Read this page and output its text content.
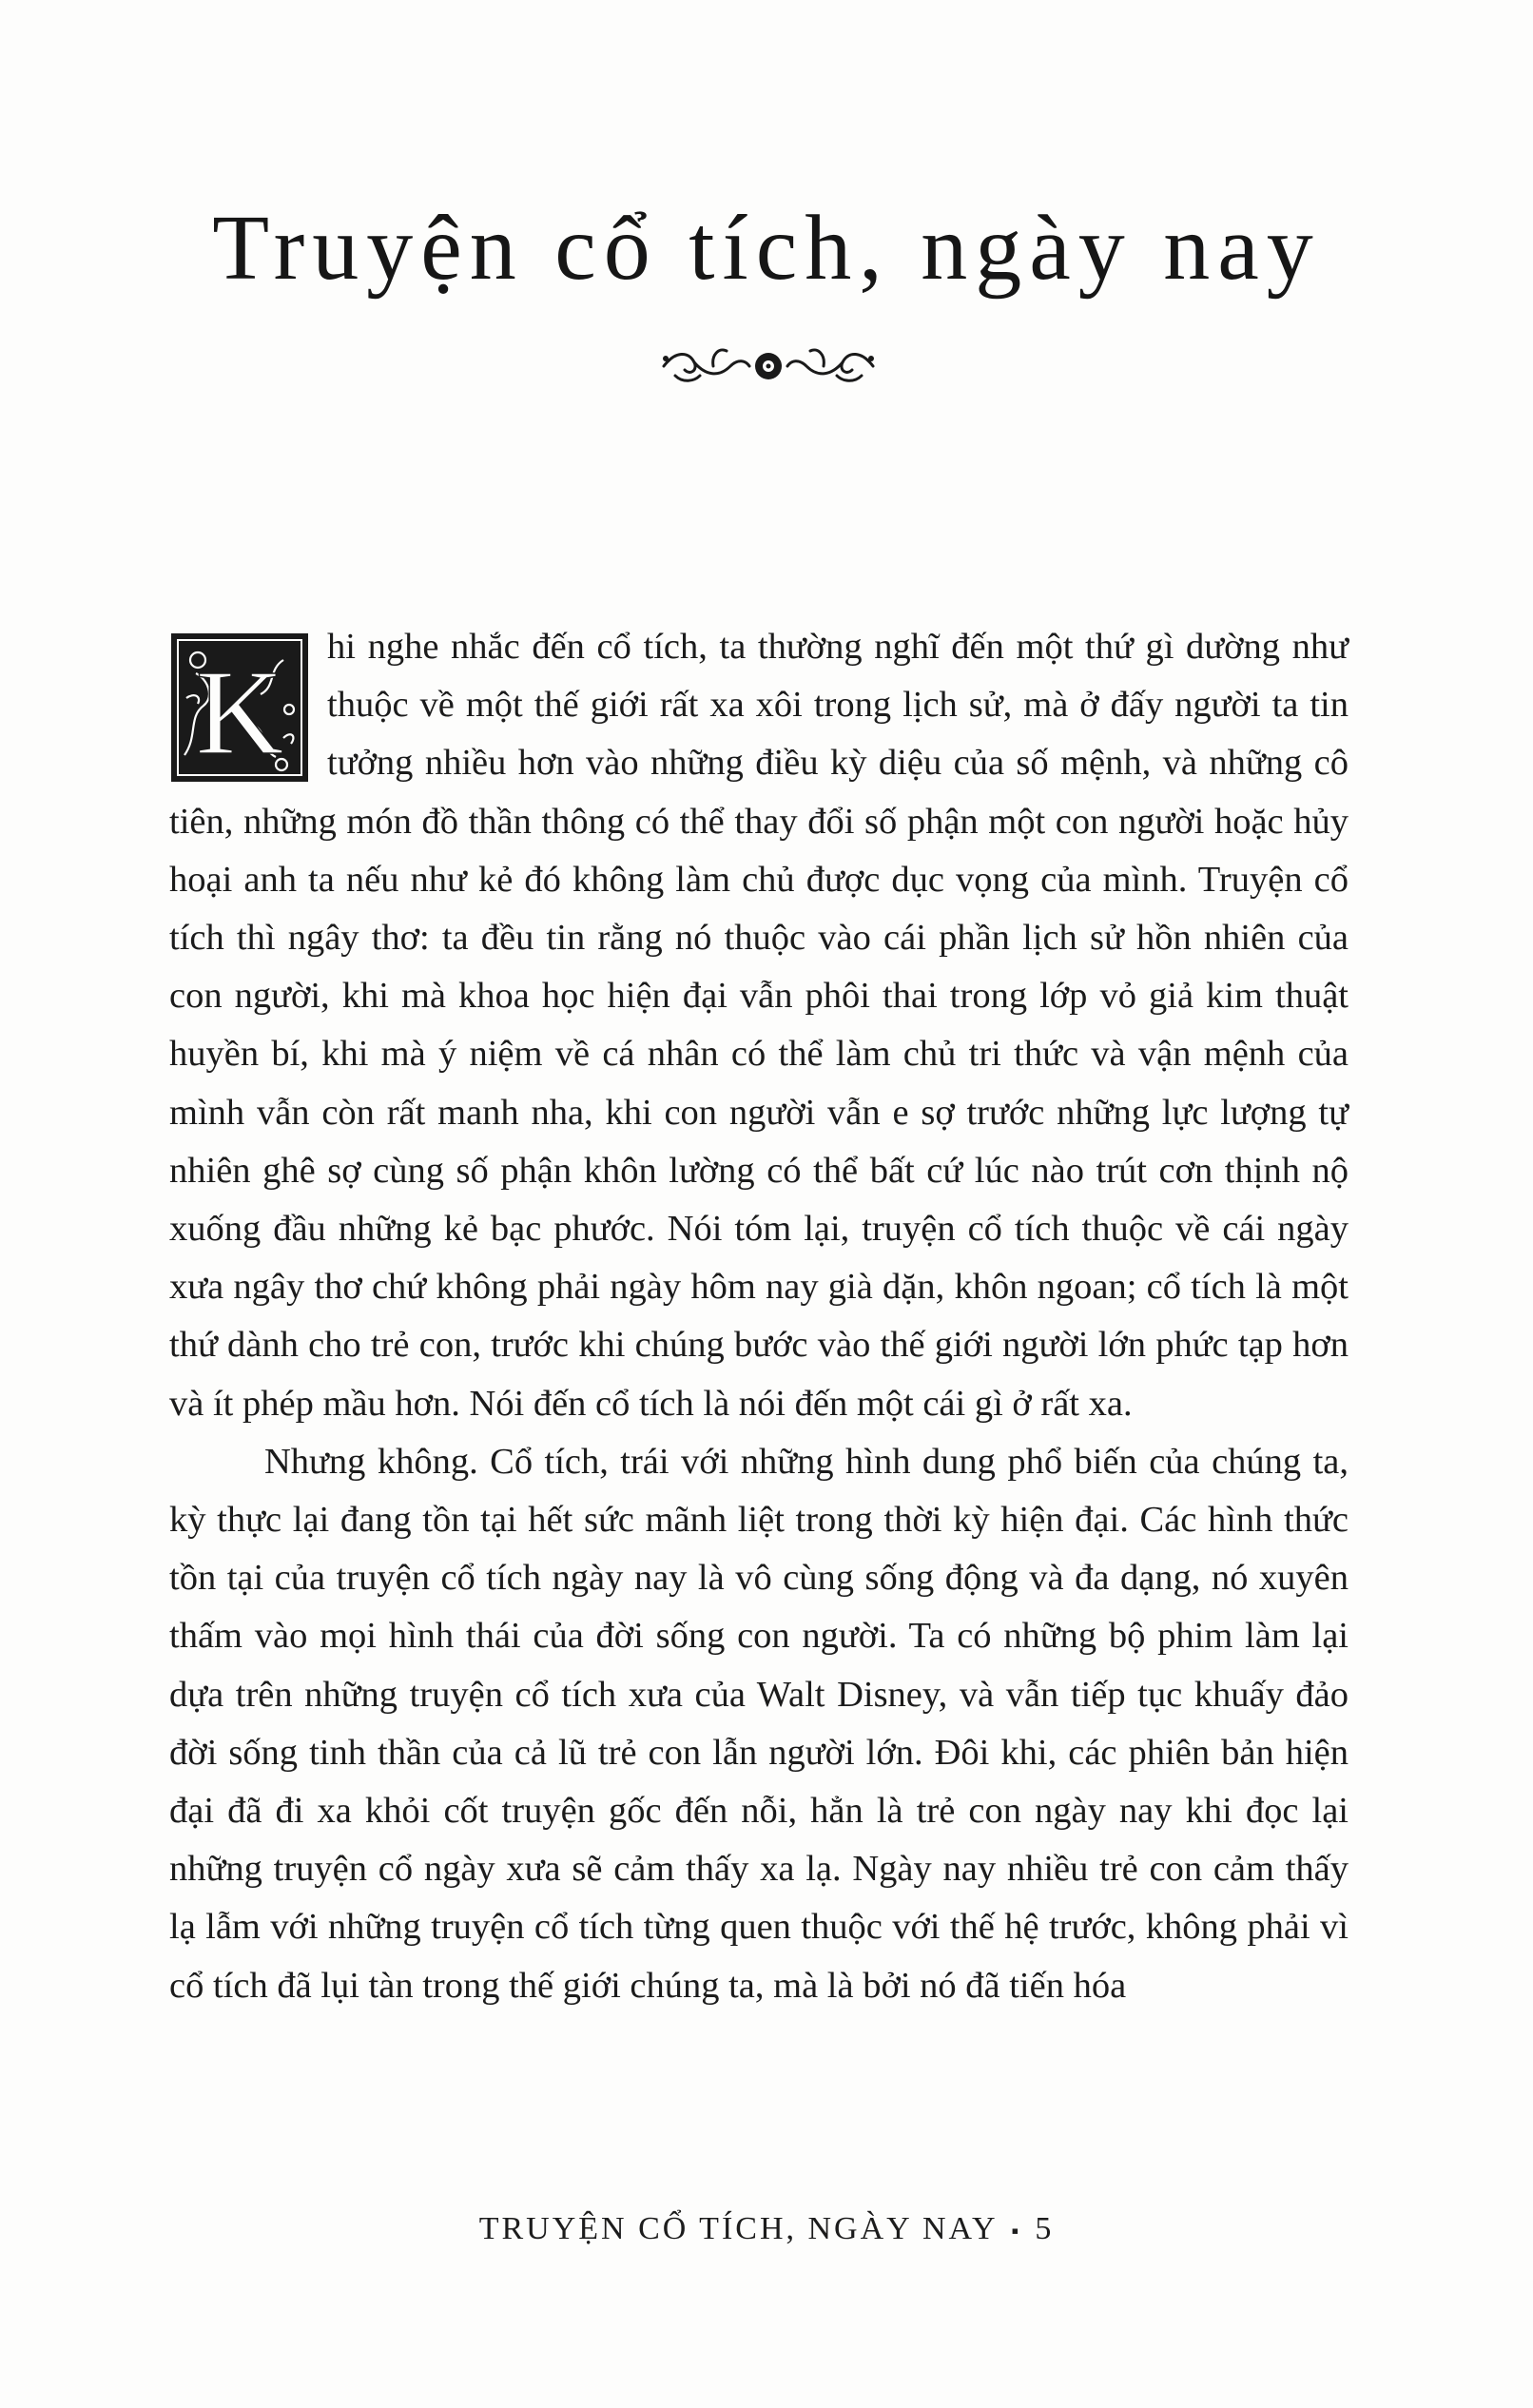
Truyện cổ tích, ngày nay
K	hi nghe nhắc đến cổ tích, ta thường nghĩ đến một thứ gì dường như thuộc về một thế giới rất xa xôi trong lịch sử, mà ở đấy người ta tin tưởng nhiều hơn vào những điều kỳ diệu của số mệnh, và những cô tiên, những món đồ thần thông có thể thay đổi số phận một con người hoặc hủy hoại anh ta nếu như kẻ đó không làm chủ được dục vọng của mình. Truyện cổ tích thì ngây thơ: ta đều tin rằng nó thuộc vào cái phần lịch sử hồn nhiên của con người, khi mà khoa học hiện đại vẫn phôi thai trong lớp vỏ giả kim thuật huyền bí, khi mà ý niệm về cá nhân có thể làm chủ tri thức và vận mệnh của mình vẫn còn rất manh nha, khi con người vẫn e sợ trước những lực lượng tự nhiên ghê sợ cùng số phận khôn lường có thể bất cứ lúc nào trút cơn thịnh nộ xuống đầu những kẻ bạc phước. Nói tóm lại, truyện cổ tích thuộc về cái ngày xưa ngây thơ chứ không phải ngày hôm nay già dặn, khôn ngoan; cổ tích là một thứ dành cho trẻ con, trước khi chúng bước vào thế giới người lớn phức tạp hơn và ít phép mầu hơn. Nói đến cổ tích là nói đến một cái gì ở rất xa.

Nhưng không. Cổ tích, trái với những hình dung phổ biến của chúng ta, kỳ thực lại đang tồn tại hết sức mãnh liệt trong thời kỳ hiện đại. Các hình thức tồn tại của truyện cổ tích ngày nay là vô cùng sống động và đa dạng, nó xuyên thấm vào mọi hình thái của đời sống con người. Ta có những bộ phim làm lại dựa trên những truyện cổ tích xưa của Walt Disney, và vẫn tiếp tục khuấy đảo đời sống tinh thần của cả lũ trẻ con lẫn người lớn. Đôi khi, các phiên bản hiện đại đã đi xa khỏi cốt truyện gốc đến nỗi, hẳn là trẻ con ngày nay khi đọc lại những truyện cổ ngày xưa sẽ cảm thấy xa lạ. Ngày nay nhiều trẻ con cảm thấy lạ lẫm với những truyện cổ tích từng quen thuộc với thế hệ trước, không phải vì cổ tích đã lụi tàn trong thế giới chúng ta, mà là bởi nó đã tiến hóa

TRUYỆN CỔ TÍCH, NGÀY NAY ▪ 5
